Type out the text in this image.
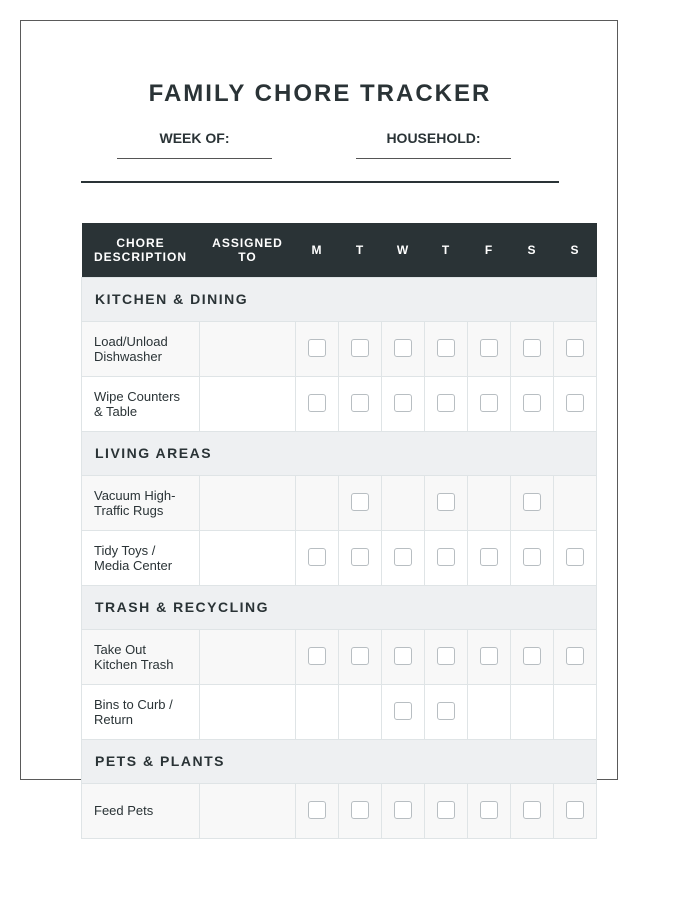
FAMILY CHORE TRACKER
WEEK OF:	HOUSEHOLD:
CHORE DESCRIPTION	ASSIGNED TO	M	T	W	T	F	S	S
KITCHEN & DINING								
Load/Unload Dishwasher								
Wipe Counters & Table								
LIVING AREAS								
Vacuum High-Traffic Rugs								
Tidy Toys / Media Center								
TRASH & RECYCLING								
Take Out Kitchen Trash								
Bins to Curb / Return								
PETS & PLANTS								
Feed Pets								
